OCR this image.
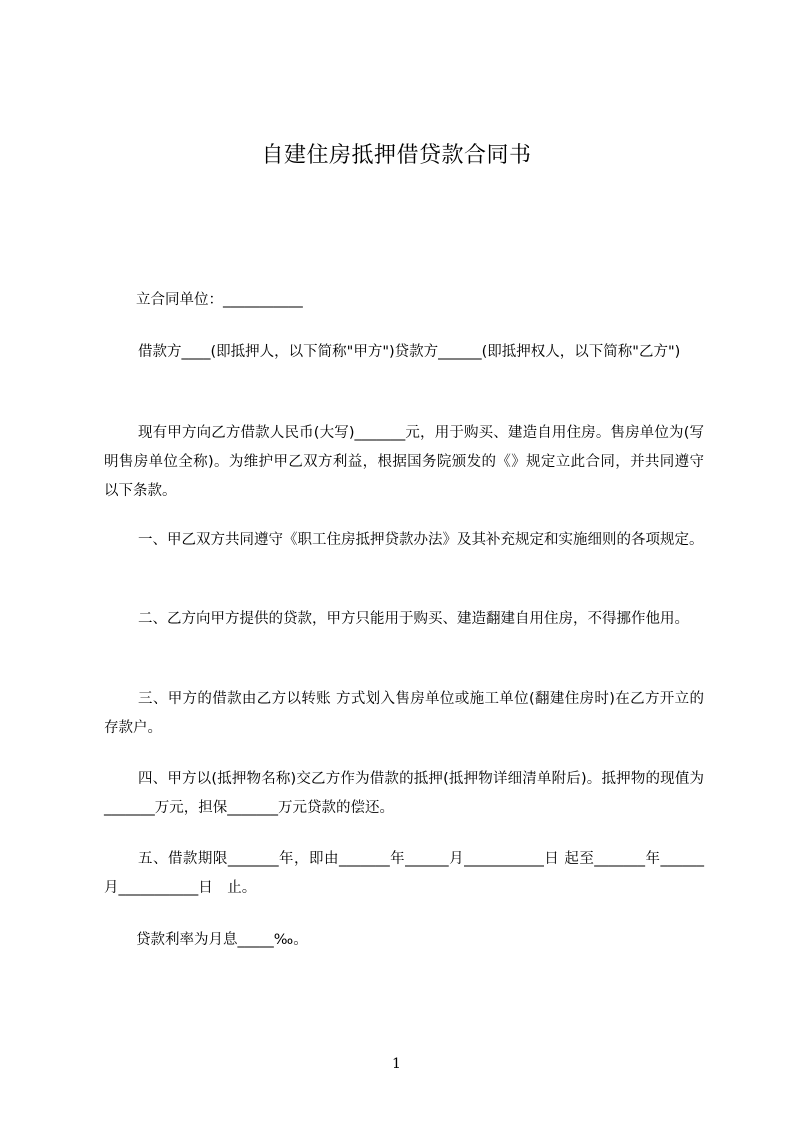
自建住房抵押借贷款合同书
立合同单位：___________
借款方____(即抵押人，以下简称"甲方")贷款方______(即抵押权人，以下简称"乙方")
现有甲方向乙方借款人民币(大写)_______元，用于购买、建造自用住房。售房单位为(写明售房单位全称)。为维护甲乙双方利益，根据国务院颁发的《》规定立此合同，并共同遵守以下条款。
一、甲乙双方共同遵守《职工住房抵押贷款办法》及其补充规定和实施细则的各项规定。
二、乙方向甲方提供的贷款，甲方只能用于购买、建造翻建自用住房，不得挪作他用。
三、甲方的借款由乙方以转账 方式划入售房单位或施工单位(翻建住房时)在乙方开立的存款户。
四、甲方以(抵押物名称)交乙方作为借款的抵押(抵押物详细清单附后)。抵押物的现值为_______万元，担保_______万元贷款的偿还。
五、借款期限_______年，即由_______年______月___________日 起至_______年______月___________日　止。
贷款利率为月息_____‰。
1
